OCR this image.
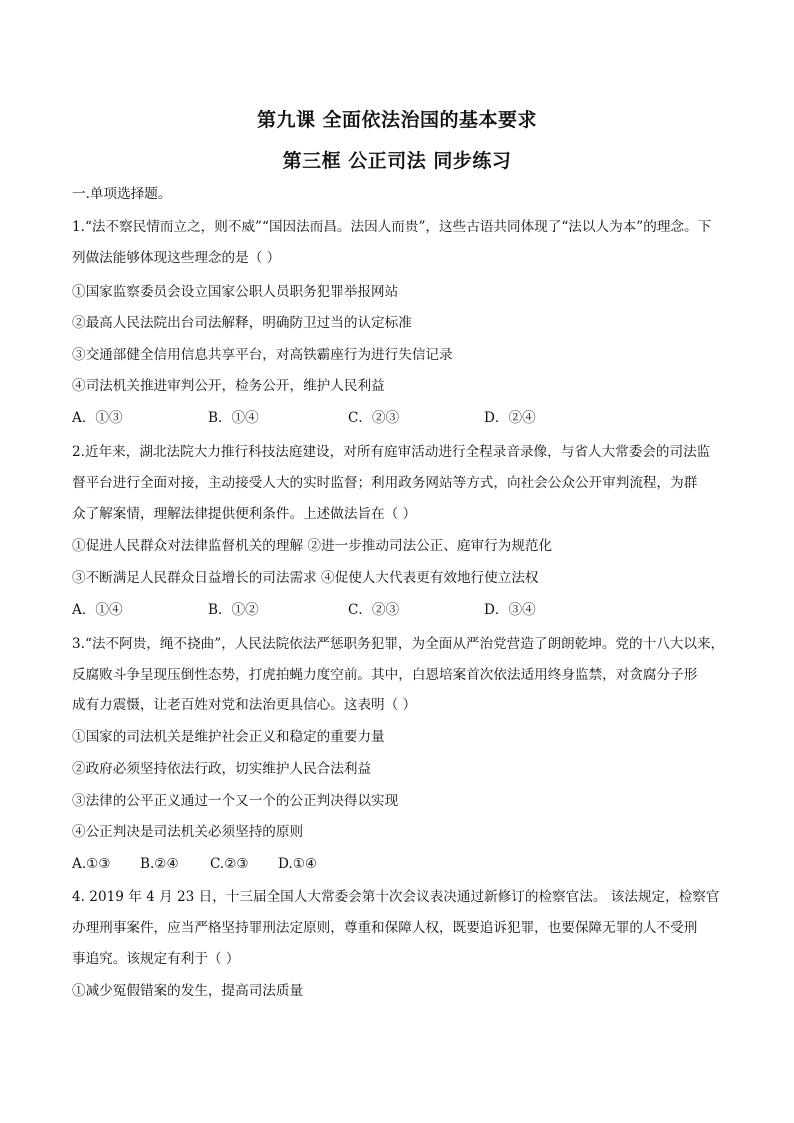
第九课 全面依法治国的基本要求
第三框 公正司法 同步练习
一.单项选择题。
1.“法不察民情而立之，则不威”“国因法而昌。法因人而贵”，这些古语共同体现了“法以人为本”的理念。下
列做法能够体现这些理念的是（ ）
①国家监察委员会设立国家公职人员职务犯罪举报网站
②最高人民法院出台司法解释，明确防卫过当的认定标准
③交通部健全信用信息共享平台，对高铁霸座行为进行失信记录
④司法机关推进审判公开，检务公开，维护人民利益
A．①③	B．①④	C．②③	D．②④
2.近年来，湖北法院大力推行科技法庭建设，对所有庭审活动进行全程录音录像，与省人大常委会的司法监
督平台进行全面对接，主动接受人大的实时监督；利用政务网站等方式，向社会公众公开审判流程，为群
众了解案情，理解法律提供便利条件。上述做法旨在（ ）
①促进人民群众对法律监督机关的理解 ②进一步推动司法公正、庭审行为规范化
③不断满足人民群众日益增长的司法需求 ④促使人大代表更有效地行使立法权
A．①④	B．①②	C．②③	D．③④
3.“法不阿贵，绳不挠曲”，人民法院依法严惩职务犯罪，为全面从严治党营造了朗朗乾坤。党的十八大以来，
反腐败斗争呈现压倒性态势，打虎拍蝇力度空前。其中，白恩培案首次依法适用终身监禁，对贪腐分子形
成有力震慑，让老百姓对党和法治更具信心。这表明（ ）
①国家的司法机关是维护社会正义和稳定的重要力量
②政府必须坚持依法行政，切实维护人民合法利益
③法律的公平正义通过一个又一个的公正判决得以实现
④公正判决是司法机关必须坚持的原则
A.①③ B.②④ C.②③ D.①④
4. 2019 年 4 月 23 日，十三届全国人大常委会第十次会议表决通过新修订的检察官法。 该法规定，检察官
办理刑事案件，应当严格坚持罪刑法定原则，尊重和保障人权，既要追诉犯罪，也要保障无罪的人不受刑
事追究。该规定有利于（ ）
①减少冤假错案的发生，提高司法质量
